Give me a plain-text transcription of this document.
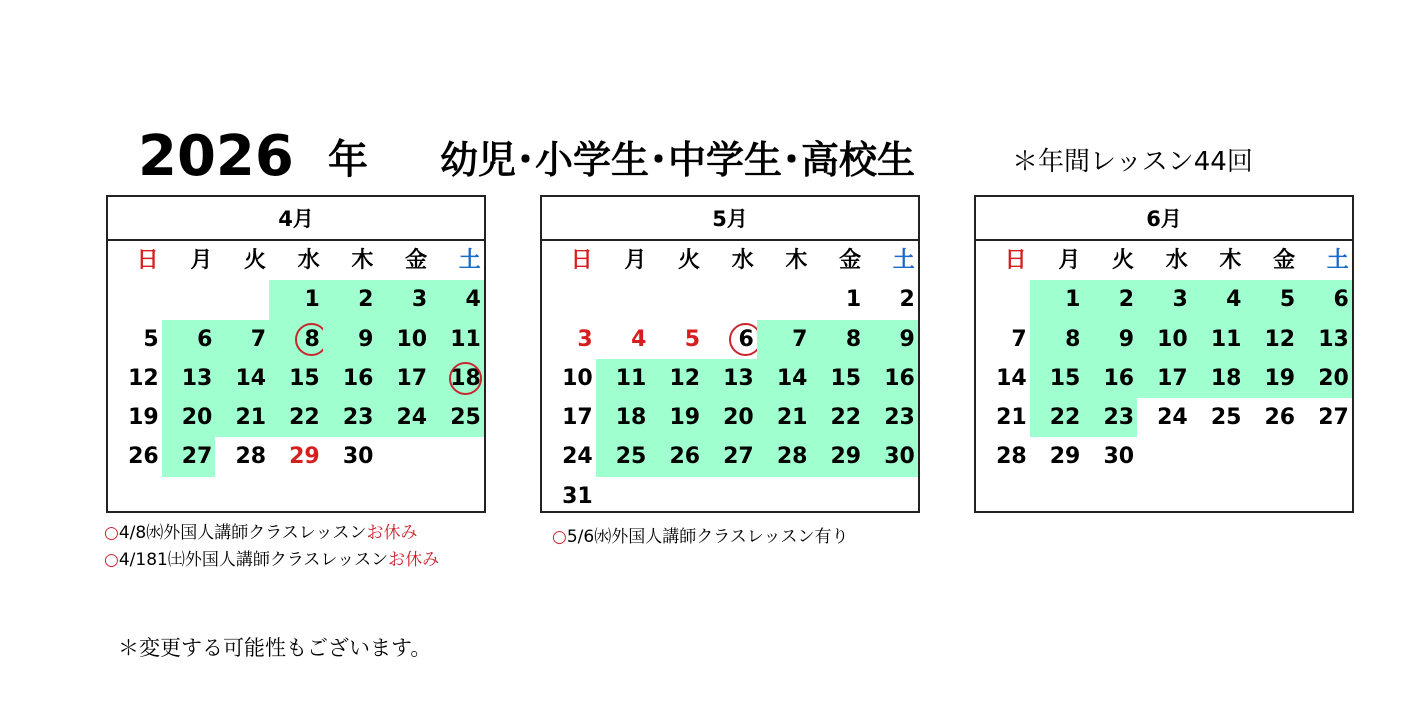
2026 年 幼児･小学生･中学生･高校生	＊年間レッスン44回
4月
日 月 火 水 木 金 土
1 2 3 4
5 6 7 8 9 10 11
12 13 14 15 16 17 18
19 20 21 22 23 24 25
26 27 28 29 30
5月
日 月 火 水 木 金 土
1 2
3 4 5 6 7 8 9
10 11 12 13 14 15 16
17 18 19 20 21 22 23
24 25 26 27 28 29 30
31
6月
日 月 火 水 木 金 土
1 2 3 4 5 6
7 8 9 10 11 12 13
14 15 16 17 18 19 20
21 22 23 24 25 26 27
28 29 30
○4/8㈬外国人講師クラスレッスンお休み
○4/181㈯外国人講師クラスレッスンお休み
○5/6㈬外国人講師クラスレッスン有り
＊変更する可能性もございます。
